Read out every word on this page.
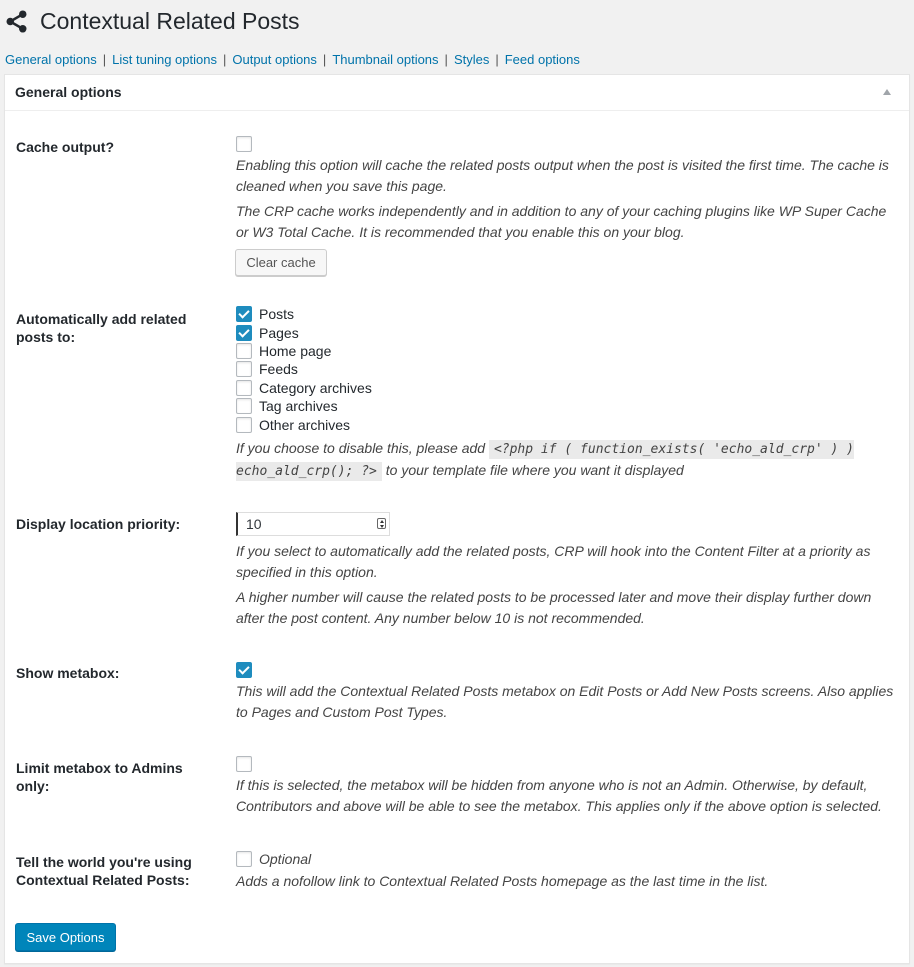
Contextual Related Posts
General options | List tuning options | Output options | Thumbnail options | Styles | Feed options
General options
Cache output?

Enabling this option will cache the related posts output when the post is visited the first time. The cache is cleaned when you save this page.

The CRP cache works independently and in addition to any of your caching plugins like WP Super Cache or W3 Total Cache. It is recommended that you enable this on your blog.

Clear cache
Automatically add related posts to:
Posts
Pages
Home page
Feeds
Category archives
Tag archives
Other archives

If you choose to disable this, please add <?php if ( function_exists( 'echo_ald_crp' ) ) echo_ald_crp(); ?> to your template file where you want it displayed

Display location priority:
10

If you select to automatically add the related posts, CRP will hook into the Content Filter at a priority as specified in this option.

A higher number will cause the related posts to be processed later and move their display further down after the post content. Any number below 10 is not recommended.

Show metabox:

This will add the Contextual Related Posts metabox on Edit Posts or Add New Posts screens. Also applies to Pages and Custom Post Types.

Limit metabox to Admins only:	If this is selected, the metabox will be hidden from anyone who is not an Admin. Otherwise, by default, Contributors and above will be able to see the metabox. This applies only if the above option is selected.

Tell the world you're using Contextual Related Posts:
Optional

Adds a nofollow link to Contextual Related Posts homepage as the last time in the list.

Save Options
